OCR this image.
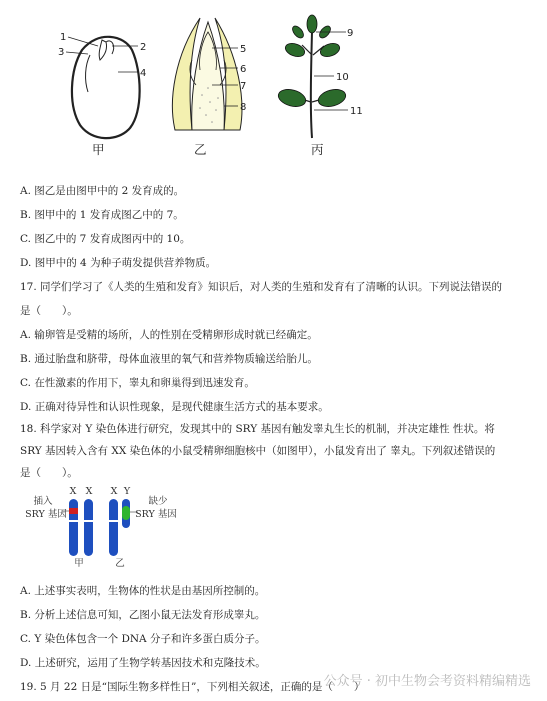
1
3	2
4
5
6
7
8
9
10
11
甲	乙	丙
A. 图乙是由图甲中的 2 发育成的。
B. 图甲中的 1 发育成图乙中的 7。
C. 图乙中的 7 发育成图丙中的 10。
D. 图甲中的 4 为种子萌发提供营养物质。
17. 同学们学习了《人类的生殖和发育》知识后，对人类的生殖和发育有了清晰的认识。下列说法错误的
是（　　）。
A. 输卵管是受精的场所，人的性别在受精卵形成时就已经确定。
B. 通过胎盘和脐带，母体血液里的氧气和营养物质输送给胎儿。
C. 在性激素的作用下，睾丸和卵巢得到迅速发育。
D. 正确对待异性和认识性现象，是现代健康生活方式的基本要求。
18. 科学家对 Y 染色体进行研究，发现其中的 SRY 基因有触发睾丸生长的机制，并决定雄性 性状。将
SRY 基因转入含有 XX 染色体的小鼠受精卵细胞核中（如图甲），小鼠发育出了 睾丸。下列叙述错误的
是（　　）。
插入
SRY 基因
缺少
SRY 基因
X X X Y
甲	乙
A. 上述事实表明，生物体的性状是由基因所控制的。
B. 分析上述信息可知，乙图小鼠无法发育形成睾丸。
C. Y 染色体包含一个 DNA 分子和许多蛋白质分子。
D. 上述研究，运用了生物学转基因技术和克隆技术。
19. 5 月 22 日是“国际生物多样性日”，下列相关叙述，正确的是（　　）
公众号 · 初中生物会考资料精编精选
